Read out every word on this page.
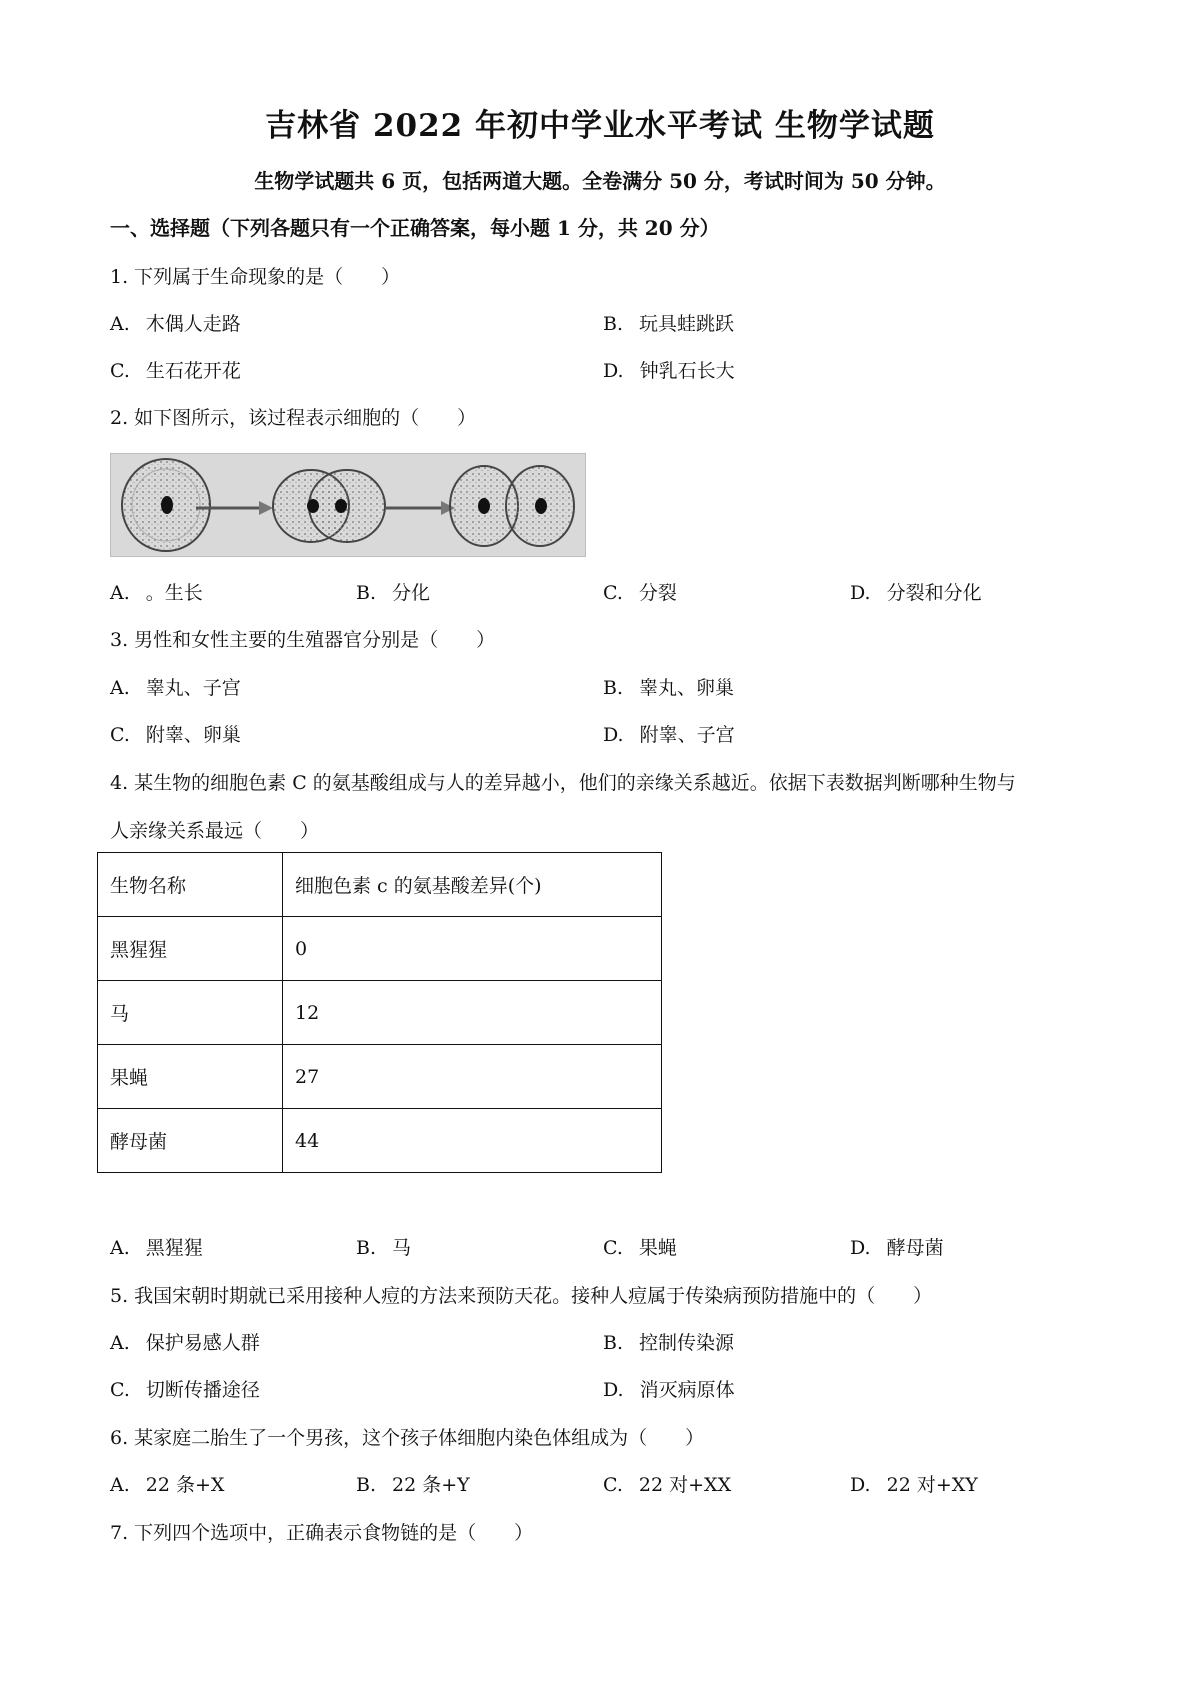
吉林省 2022 年初中学业水平考试 生物学试题
生物学试题共 6 页，包括两道大题。全卷满分 50 分，考试时间为 50 分钟。
一、选择题（下列各题只有一个正确答案，每小题 1 分，共 20 分）
1. 下列属于生命现象的是（　　）
A. 木偶人走路	B. 玩具蛙跳跃
C. 生石花开花	D. 钟乳石长大
2. 如下图所示，该过程表示细胞的（　　）
A. 。生长	B. 分化	C. 分裂	D. 分裂和分化
3. 男性和女性主要的生殖器官分别是（　　）
A. 睾丸、子宫	B. 睾丸、卵巢
C. 附睾、卵巢	D. 附睾、子宫
4. 某生物的细胞色素 C 的氨基酸组成与人的差异越小，他们的亲缘关系越近。依据下表数据判断哪种生物与
人亲缘关系最远（　　）
生物名称	细胞色素 c 的氨基酸差异(个)
黑猩猩	0
马	12
果蝇	27
酵母菌	44
A. 黑猩猩	B. 马	C. 果蝇	D. 酵母菌
5. 我国宋朝时期就已采用接种人痘的方法来预防天花。接种人痘属于传染病预防措施中的（　　）
A. 保护易感人群	B. 控制传染源
C. 切断传播途径	D. 消灭病原体
6. 某家庭二胎生了一个男孩，这个孩子体细胞内染色体组成为（　　）
A. 22 条+X	B. 22 条+Y	C. 22 对+XX	D. 22 对+XY
7. 下列四个选项中，正确表示食物链的是（　　）
